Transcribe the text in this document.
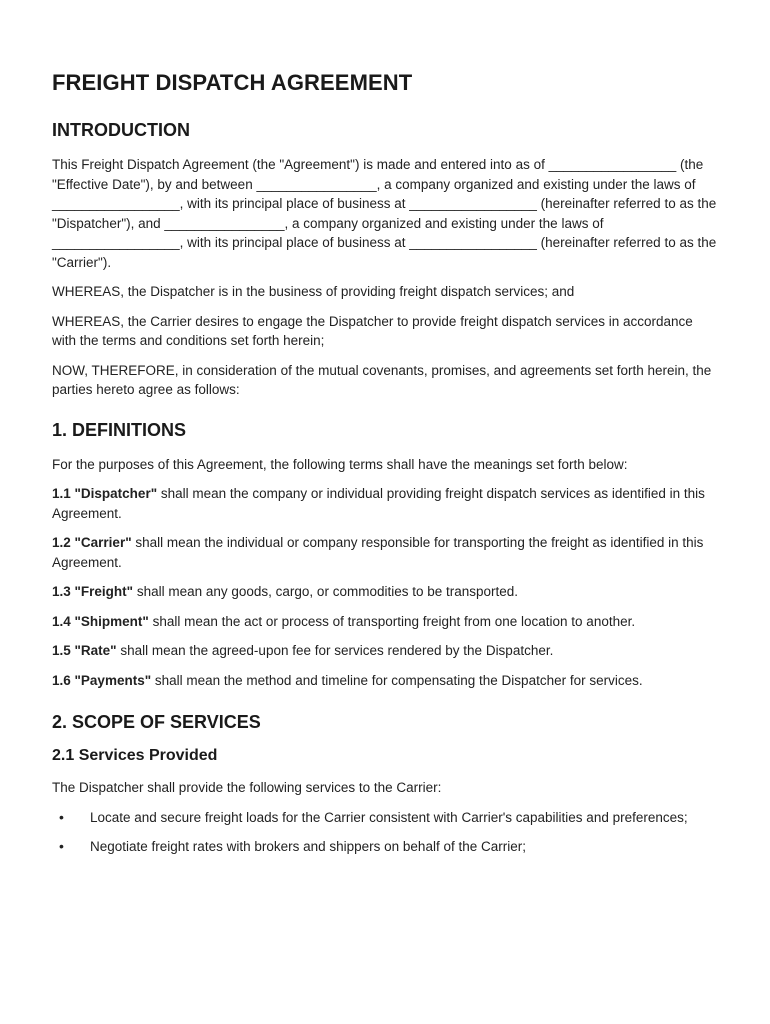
FREIGHT DISPATCH AGREEMENT
INTRODUCTION

This Freight Dispatch Agreement (the "Agreement") is made and entered into as of _________________ (the "Effective Date"), by and between ________________, a company organized and existing under the laws of _________________, with its principal place of business at _________________ (hereinafter referred to as the "Dispatcher"), and ________________, a company organized and existing under the laws of _________________, with its principal place of business at _________________ (hereinafter referred to as the "Carrier").

WHEREAS, the Dispatcher is in the business of providing freight dispatch services; and

WHEREAS, the Carrier desires to engage the Dispatcher to provide freight dispatch services in accordance with the terms and conditions set forth herein;

NOW, THEREFORE, in consideration of the mutual covenants, promises, and agreements set forth herein, the parties hereto agree as follows:

1. DEFINITIONS

For the purposes of this Agreement, the following terms shall have the meanings set forth below:

1.1 "Dispatcher" shall mean the company or individual providing freight dispatch services as identified in this Agreement.

1.2 "Carrier" shall mean the individual or company responsible for transporting the freight as identified in this Agreement.

1.3 "Freight" shall mean any goods, cargo, or commodities to be transported.

1.4 "Shipment" shall mean the act or process of transporting freight from one location to another.

1.5 "Rate" shall mean the agreed-upon fee for services rendered by the Dispatcher.

1.6 "Payments" shall mean the method and timeline for compensating the Dispatcher for services.

2. SCOPE OF SERVICES
2.1 Services Provided

The Dispatcher shall provide the following services to the Carrier:

• Locate and secure freight loads for the Carrier consistent with Carrier's capabilities and preferences;
• Negotiate freight rates with brokers and shippers on behalf of the Carrier;
